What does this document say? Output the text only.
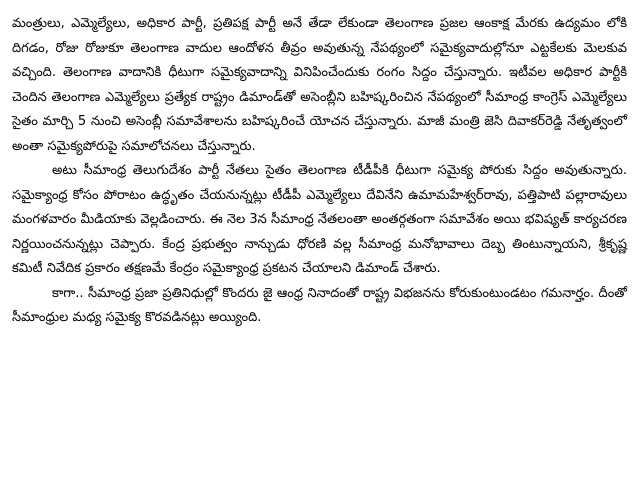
మంత్రులు, ఎమ్మెల్యేలు, అధికార పార్టీ, ప్రతిపక్ష పార్టీ అనే తేడా లేకుండా తెలంగాణ ప్రజల ఆంకాక్ష మేరకు ఉద్యమం లోకి దిగడం, రోజు రోజుకూ తెలంగాణ వాదుల ఆందోళన తీవ్రం అవుతున్న నేపథ్యంలో సమైక్యవాదుల్లోనూ ఎట్టకేలకు మెలకువ వచ్చింది. తెలంగాణ వాదానికి ధీటుగా సమైక్యవాదాన్ని వినిపించేందుకు రంగం సిద్దం చేస్తున్నారు. ఇటీవల అధికార పార్టీకి చెందిన తెలంగాణ ఎమ్మెల్యేలు ప్రత్యేక రాష్ట్రం డిమాండ్‌తో అసెంబ్లీని బహిష్కరించిన నేపథ్యంలో సీమాంధ్ర కాంగ్రెస్ ఎమ్మెల్యేలు సైతం మార్చి 5 నుంచి అసెంబ్లీ సమావేశాలను బహిష్కరించే యోచన చేస్తున్నారు. మాజీ మంత్రి జెసి దివాకర్‌రెడ్డి నేతృత్వంలో అంతా సమైక్యపోరుపై సమాలోచనలు చేస్తున్నారు.

అటు సీమాంధ్ర తెలుగుదేశం పార్టీ నేతలు సైతం తెలంగాణ టీడీపీకి ధీటుగా సమైక్య పోరుకు సిద్దం అవుతున్నారు. సమైక్యాంధ్ర కోసం పోరాటం ఉద్ధృతం చేయనున్నట్లు టీడీపీ ఎమ్మెల్యేలు దేవినేని ఉమామహేశ్వర్‌రావు, పత్తిపాటి పల్లారావులు మంగళవారం మీడియాకు వెల్లడించారు. ఈ నెల 3న సీమాంధ్ర నేతలంతా అంతర్గతంగా సమావేశం అయి భవిష్యత్ కార్యచరణ నిర్ణయించనున్నట్లు చెప్పారు. కేంద్ర ప్రభుత్వం నాన్చుడు ధోరణి వల్ల సీమాంధ్ర మనోభావాలు దెబ్బ తింటున్నాయని, శ్రీకృష్ణ కమిటీ నివేదిక ప్రకారం తక్షణమే కేంద్రం సమైక్యాంధ్ర ప్రకటన చేయాలని డిమాండ్ చేశారు.

కాగా.. సీమాంధ్ర ప్రజా ప్రతినిధుల్లో కొందరు జై ఆంధ్ర నినాదంతో రాష్ట్ర విభజనను కోరుకుంటుండటం గమనార్హం. దీంతో సీమాంధ్రుల మధ్య సమైక్య కొరవడినట్లు అయ్యింది.
